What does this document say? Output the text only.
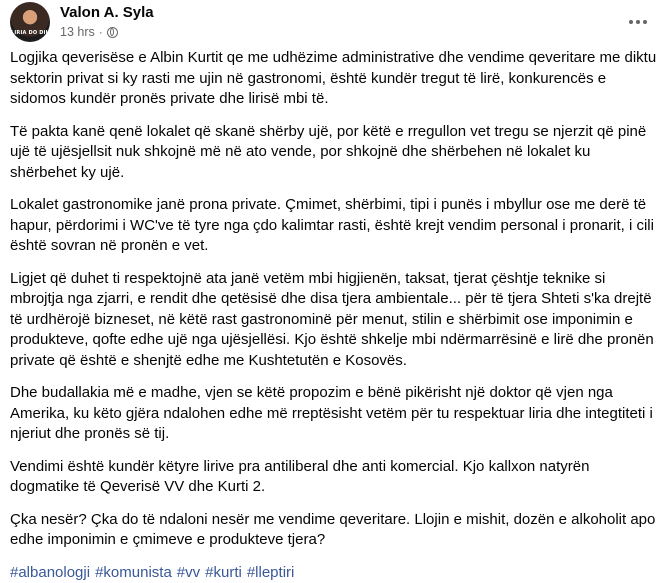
LIRIA DO DIL
Valon A. Syla
13 hrs ·

Logjika qeverisëse e Albin Kurtit qe me udhëzime administrative dhe vendime qeveritare me diktu sektorin privat si ky rasti me ujin në gastronomi, është kundër tregut të lirë, konkurencës e sidomos kundër pronës private dhe lirisë mbi të.

Të pakta kanë qenë lokalet që skanë shërby ujë, por këtë e rregullon vet tregu se njerzit që pinë ujë të ujësjellsit nuk shkojnë më në ato vende, por shkojnë dhe shërbehen në lokalet ku shërbehet ky ujë.

Lokalet gastronomike janë prona private. Çmimet, shërbimi, tipi i punës i mbyllur ose me derë të hapur, përdorimi i WC've të tyre nga çdo kalimtar rasti, është krejt vendim personal i pronarit, i cili është sovran në pronën e vet.

Ligjet që duhet ti respektojnë ata janë vetëm mbi higjienën, taksat, tjerat çështje teknike si mbrojtja nga zjarri, e rendit dhe qetësisë dhe disa tjera ambientale... për të tjera Shteti s'ka drejtë të urdhërojë bizneset, në këtë rast gastronominë për menut, stilin e shërbimit ose imponimin e produkteve, qofte edhe ujë nga ujësjellësi. Kjo është shkelje mbi ndërmarrësinë e lirë dhe pronën private që është e shenjtë edhe me Kushtetutën e Kosovës.

Dhe budallakia më e madhe, vjen se këtë propozim e bënë pikërisht një doktor që vjen nga Amerika, ku këto gjëra ndalohen edhe më rreptësisht vetëm për tu respektuar liria dhe integtiteti i njeriut dhe pronës së tij.

Vendimi është kundër këtyre lirive pra antiliberal dhe anti komercial. Kjo kallxon natyrën dogmatike të Qeverisë VV dhe Kurti 2.

Çka nesër? Çka do të ndaloni nesër me vendime qeveritare. Llojin e mishit, dozën e alkoholit apo edhe imponimin e çmimeve e produkteve tjera?

#albanologji #komunista #vv #kurti #lleptiri
